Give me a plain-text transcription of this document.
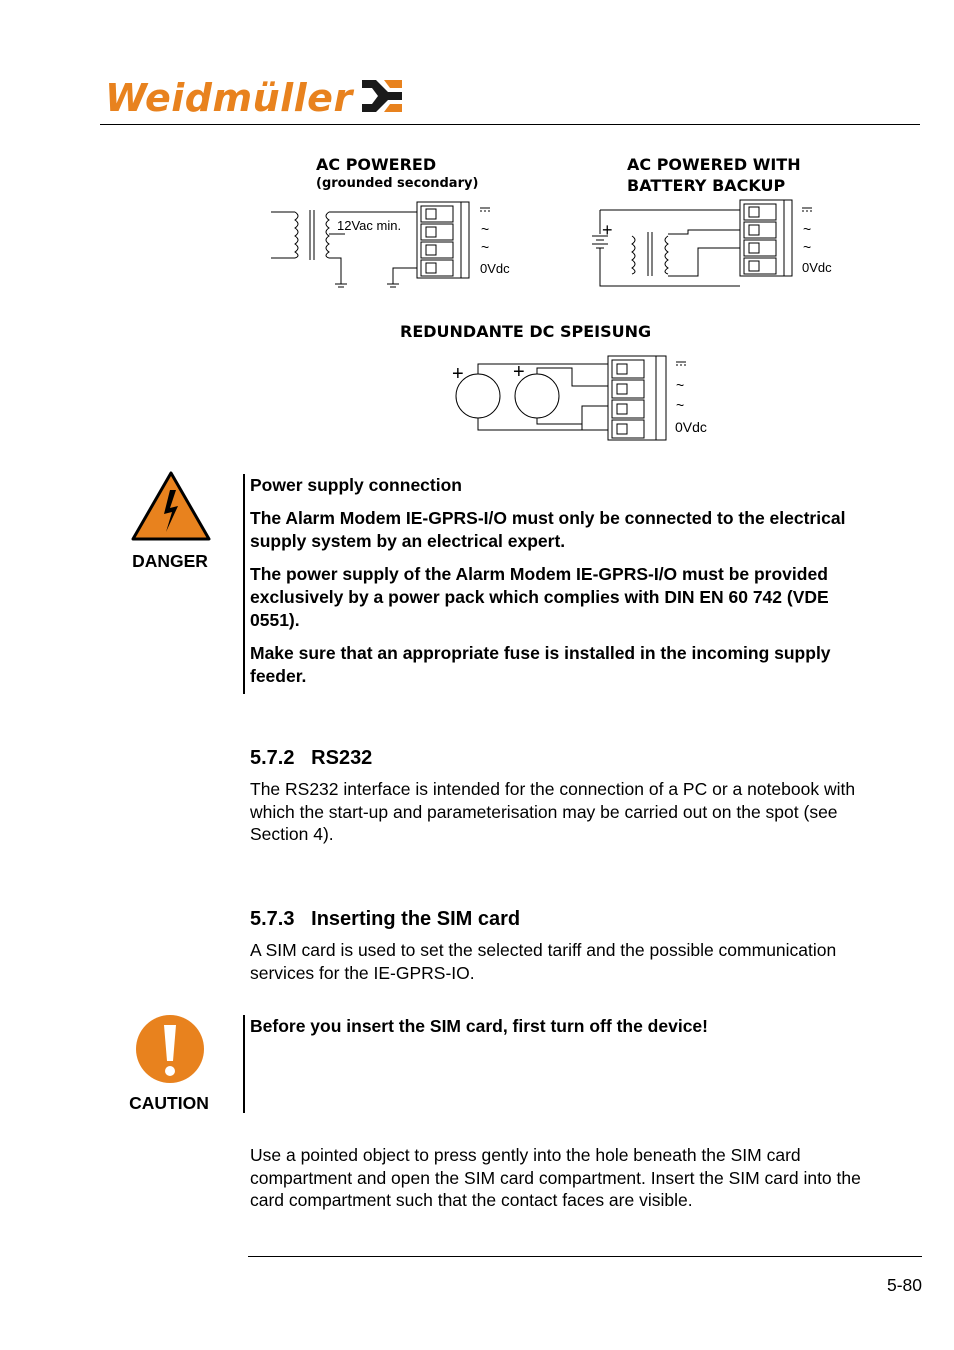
Weidmüller
AC POWERED
(grounded secondary)
12Vac min.	~
~
0Vdc
AC POWERED WITH
BATTERY BACKUP
+	~
~
0Vdc
REDUNDANTE DC SPEISUNG
+ +
~
~
0Vdc
DANGER

Power supply connection

The Alarm Modem IE-GPRS-I/O must only be connected to the electrical supply system by an electrical expert.

The power supply of the Alarm Modem IE-GPRS-I/O must be provided exclusively by a power pack which complies with DIN EN 60 742 (VDE 0551).

Make sure that an appropriate fuse is installed in the incoming supply feeder.

5.7.2 RS232

The RS232 interface is intended for the connection of a PC or a notebook with which the start-up and parameterisation may be carried out on the spot (see Section 4).

5.7.3 Inserting the SIM card

A SIM card is used to set the selected tariff and the possible communication services for the IE-GPRS-IO.

CAUTION

Before you insert the SIM card, first turn off the device!

Use a pointed object to press gently into the hole beneath the SIM card compartment and open the SIM card compartment. Insert the SIM card into the card compartment such that the contact faces are visible.

5-80
